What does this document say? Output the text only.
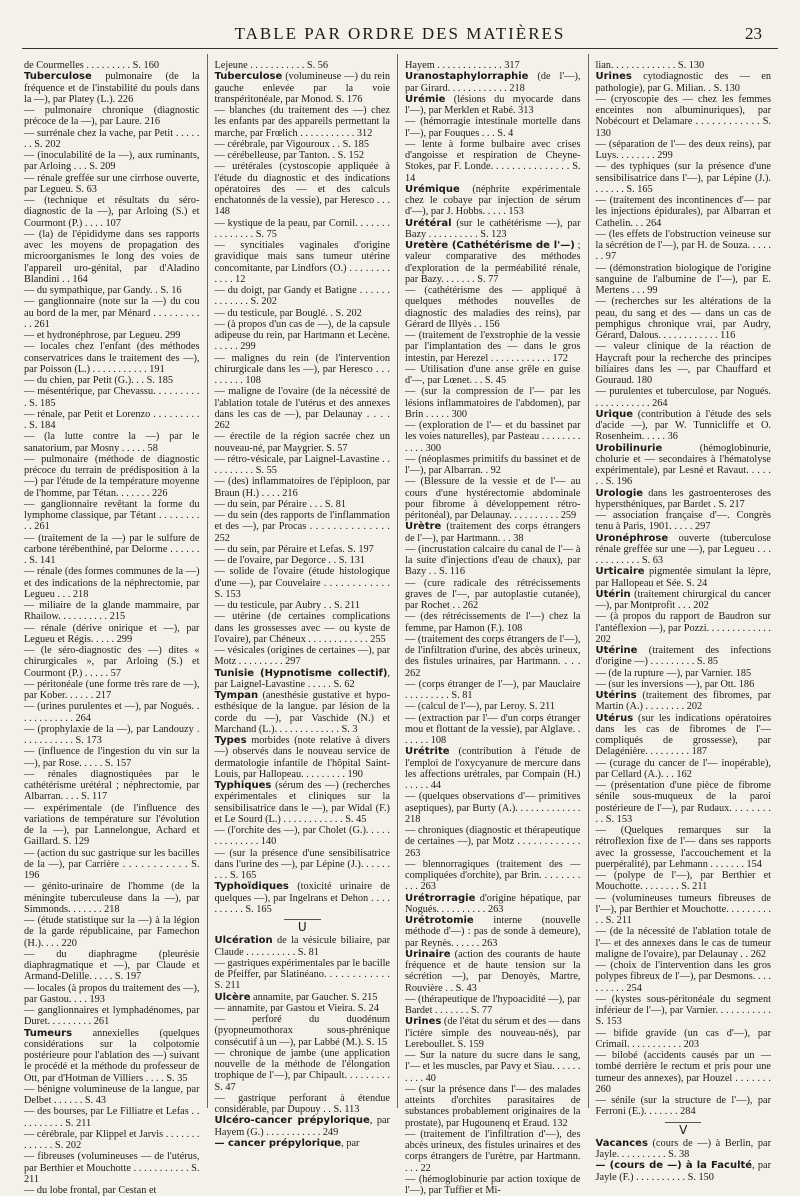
TABLE PAR ORDRE DES MATIÈRES	23
de Courmelles . . . . . . . . . S. 160
Tuberculose pulmonaire (de la fréquence et de l'instabilité du pouls dans la —), par Platey (L.). 226
— pulmonaire chronique (diagnostic précoce de la —), par Laure. 216
— surrénale chez la vache, par Petit . . . . . . . S. 202
— (inoculabilité de la —), aux ruminants, par Arloing . . . S. 209
— rénale greffée sur une cirrhose ouverte, par Legueu. S. 63
— (technique et résultats du séro-diagnostic de la —), par Arloing (S.) et Courmont (P.) . . . . 107
— (la) de l'épididyme dans ses rapports avec les moyens de propagation des microorganismes le long des voies de l'appareil uro-génital, par d'Aladino Blandini . . 164
— du sympathique, par Gandy. . S. 16
— ganglionnaire (note sur la —) du cou au bord de la mer, par Ménard . . . . . . . . . . . 261
— et hydronéphrose, par Legueu. 299
— locales chez l'enfant (des méthodes conservatrices dans le traitement des —), par Poisson (L.) . . . . . . . . . . . 191
— du chien, par Petit (G.). . . S. 185
— mésentérique, par Chevassu. . . . . . . . . . S. 185
— rénale, par Petit et Lorenzo . . . . . . . . . . S. 184
— (la lutte contre la —) par le sanatorium, par Mosny . . . . . 58
— pulmonaire (méthode de diagnostic précoce du terrain de prédisposition à la —) par l'étude de la température moyenne de l'homme, par Tétan. . . . . . . 226
— ganglionnaire revêtant la forme du lymphome classique, par Tétant . . . . . . . . . . 261
— (traitement de la —) par le sulfure de carbone térébenthiné, par Delorme . . . . . . . S. 141
— rénale (des formes communes de la —) et des indications de la néphrectomie, par Legueu . . . 218
— miliaire de la glande mammaire, par Rhailow. . . . . . . . . . 215
— rénale (dérive onirique et —), par Legueu et Régis. . . . . 299
— (le séro-diagnostic des —) dites « chirurgicales », par Arloing (S.) et Courmont (P.) . . . . . 57
— péritonéale (une forme très rare de —), par Kober. . . . . . 217
— (urines purulentes et —), par Nogués. . . . . . . . . . . . 264
— (prophylaxie de la —), par Landouzy . . . . . . . . . . . S. 173
— (influence de l'ingestion du vin sur la —), par Rose. . . . . S. 157
— rénales diagnostiquées par le cathétérisme urétéral ; néphrectomie, par Albarran. . . . S. 117
— expérimentale (de l'influence des variations de température sur l'évolution de la —), par Lannelongue, Achard et Gaillard. S. 129
— (action du suc gastrique sur les bacilles de la —), par Carrière . . . . . . . . . . . S. 196
— génito-urinaire de l'homme (de la méningite tuberculeuse dans la —), par Simmonds. . . . . . . 218
— (étude statistique sur la —) à la légion de la garde républicaine, par Famechon (H.). . . . 220
— du diaphragme (pleurésie diaphragmatique et —), par Claude et Armand-Delille. . . . . S. 197
— locales (à propos du traitement des —), par Gastou. . . . 193
— ganglionnaires et lymphadénomes, par Duret. . . . . . . . . 261
Tumeurs annexielles (quelques considérations sur la colpotomie postérieure pour l'ablation des —) suivant le procédé et la méthode du professeur de Ott, par d'Hotman de Villiers . . . . S. 35
— bénigne volumineuse de la langue, par Delbet . . . . . . S. 43
— des bourses, par Le Filliatre et Lefas . . . . . . . . . . S. 211
— cérébrale, par Klippel et Jarvis . . . . . . . . . . . . . S. 202
— fibreuses (volumineuses — de l'utérus, par Berthier et Mouchotte . . . . . . . . . . . S. 211
— du lobe frontal, par Cestan et
Lejeune . . . . . . . . . . . S. 56
Tuberculose (volumineuse —) du rein gauche enlevée par la voie transpéritonéale, par Monod. S. 176
— blanches (du traitement des —) chez les enfants par des appareils permettant la marche, par Frœlich . . . . . . . . . . . 312
— cérébrale, par Vigouroux . . S. 185
— cérébelleuse, par Tanton. . S. 152
— urétérales (cystoscopie appliquée à l'étude du diagnostic et des indications opératoires des — et des calculs enchatonnés de la vessie), par Heresco . . . 148
— kystique de la peau, par Cornil. . . . . . . . . . . . . . . S. 75
— syncitiales vaginales d'origine gravidique mais sans tumeur utérine concomitante, par Lindfors (O.) . . . . . . . . . . . . 12
— du doigt, par Gandy et Batigne . . . . . . . . . . . . . S. 202
— du testicule, par Bouglé. . S. 202
— (à propos d'un cas de —), de la capsule adipeuse du rein, par Hartmann et Lecène. . . . . . 299
— malignes du rein (de l'intervention chirurgicale dans les —), par Heresco . . . . . . . . . 108
— maligne de l'ovaire (de la nécessité de l'ablation totale de l'utérus et des annexes dans les cas de —), par Delaunay . . . . 262
— érectile de la région sacrée chez un nouveau-né, par Maygrier. S. 57
— rétro-vésicale, par Laignel-Lavastine . . . . . . . . . . S. 55
— (des) inflammatoires de l'épiploon, par Braun (H.) . . . . 216
— du sein, par Péraire . . . S. 81
— du sein (des rapports de l'inflammation et des —), par Procas . . . . . . . . . . . . . . 252
— du sein, par Péraire et Lefas. S. 197
— de l'ovaire, par Degorce . . S. 131
— solide de l'ovaire (étude histologique d'une —), par Couvelaire . . . . . . . . . . . . S. 153
— du testicule, par Aubry . . S. 211
— utérine (de certaines complications dans les grossesses avec — ou kyste de l'ovaire), par Chéneux . . . . . . . . . . . . 255
— vésicales (origines de certaines —), par Motz . . . . . . . . . 297
Tunisie (Hypnotisme collectif), par Laignel-Lavastine . . . . . S. 62
Tympan (anesthésie gustative et hypo-esthésique de la langue. par lésion de la corde du —), par Vaschide (N.) et Marchand (L.). . . . . . . . . . . . . S. 3
Types morbides (note relative à divers —) observés dans le nouveau service de dermatologie infantile de l'hôpital Saint-Louis, par Hallopeau. . . . . . . . . 190
Typhiques (sérum des —) (recherches expérimentales et cliniques sur la sensibilisatrice dans le —), par Widal (F.) et Le Sourd (L.) . . . . . . . . . . . . S. 45
— (l'orchite des —), par Cholet (G.). . . . . . . . . . . . . . 140
— (sur la présence d'une sensibilisatrice dans l'urine des —), par Lépine (J.). . . . . . . . . S. 165
Typhoïdiques (toxicité urinaire de quelques —), par Ingelrans et Dehon . . . . . . . . . . S. 165
U
Ulcération de la vésicule biliaire, par Claude . . . . . . . . . . S. 81
— gastriques expérimentales par le bacille de Pfeiffer, par Slatinéano. . . . . . . . . . . . S. 211
Ulcère annamite, par Gaucher. S. 215
— annamite, par Gastou et Vieira. S. 24
— perforé du duodénum (pyopneumothorax sous-phrénique consécutif à un —), par Labbé (M.). S. 15
— chronique de jambe (une application nouvelle de la méthode de l'élongation trophique de l'—), par Chipault. . . . . . . . . S. 47
— gastrique perforant à étendue considérable, par Dupouy . . S. 113
Ulcéro-cancer prépylorique, par Hayem (G.) . . . . . . . . . . . 249
— cancer prépylorique, par
Hayem . . . . . . . . . . . . . 317
Uranostaphylorraphie (de l'—), par Girard. . . . . . . . . . . . 218
Urémie (lésions du myocarde dans l'—), par Merklen et Rabé. 313
— (hémorragie intestinale mortelle dans l'—), par Fouques . . . S. 4
— lente à forme bulbaire avec crises d'angoisse et respiration de Cheyne-Stokes, par F. Londe. . . . . . . . . . . . . . . S. 14
Urémique (néphrite expérimentale chez le cobaye par injection de sérum d'—), par J. Hobbs. . . . . 153
Urétéral (sur le cathétérisme —), par Bazy . . . . . . . . . . S. 123
Uretère (Cathétérisme de l'—) ; valeur comparative des méthodes d'exploration de la perméabilité rénale, par Bazy. . . . . . . S. 77
— (cathétérisme des — appliqué à quelques méthodes nouvelles de diagnostic des maladies des reins), par Gérard de Illyès . . 156
— (traitement de l'exstrophie de la vessie par l'implantation des — dans le gros intestin, par Herezel . . . . . . . . . . . . 172
— Utilisation d'une anse grêle en guise d'—, par Lœnet. . . S. 45
— (sur la compression de l'— par les lésions inflammatoires de l'abdomen), par Brin . . . . . 300
— (exploration de l'— et du bassinet par les voies naturelles), par Pasteau . . . . . . . . . . . . 300
— (néoplasmes primitifs du bassinet et de l'—), par Albarran. . 92
— (Blessure de la vessie et de l'— au cours d'une hystérectomie abdominale pour fibrome à développement rétro-péritonéal), par Delaunay. . . . . . . . . . 259
Urètre (traitement des corps étrangers de l'—), par Hartmann. . . 38
— (incrustation calcaire du canal de l'— à la suite d'injections d'eau de chaux), par Bazy . . S. 116
— (cure radicale des rétrécissements graves de l'—, par autoplastie cutanée), par Rochet . . 262
— (des rétrécissements de l'—) chez la femme, par Hamon (F.). 108
— (traitement des corps étrangers de l'—), de l'infiltration d'urine, des abcès urineux, des fistules urinaires, par Hartmann. . . . 262
— (corps étranger de l'—), par Mauclaire . . . . . . . . . S. 81
— (calcul de l'—), par Leroy. S. 211
— (extraction par l'— d'un corps étranger mou et flottant de la vessie), par Alglave. . . . . . . 108
Urétrite (contribution à l'étude de l'emploi de l'oxycyanure de mercure dans les affections urétrales, par Compain (H.) . . . . . 44
— (quelques observations d'— primitives aseptiques), par Burty (A.). . . . . . . . . . . . . 218
— chroniques (diagnostic et thérapeutique de certaines —), par Motz . . . . . . . . . . . . 263
— blennorragiques (traitement des — compliquées d'orchite), par Brin. . . . . . . . . . . 263
Urétrorragie d'origine hépatique, par Nogués. . . . . . . . . . 263
Urétrotomie interne (nouvelle méthode d'—) : pas de sonde à demeure), par Reynès. . . . . . 263
Urinaire (action des courants de haute fréquence et de haute tension sur la sécrétion —), par Denoyès, Martre, Rouvière . . S. 43
— (thérapeutique de l'hypoacidité —), par Bardet . . . . . . . S. 77
Urines (de l'état du sérum et des — dans l'ictère simple des nouveau-nés), par Lereboullet. S. 159
— Sur la nature du sucre dans le sang, l'— et les muscles, par Pavy et Siau. . . . . . . . . . 40
— (sur la présence dans l'— des malades atteints d'orchites parasitaires de substances probablement originaires de la prostate), par Hugounenq et Eraud. 132
— (traitement de l'infiltration d'—), des abcès urineux, des fistules urinaires et des corps étrangers de l'urètre, par Hartmann. . . . 22
— (hémoglobinurie par action toxique de l'—), par Tuffier et Mi-
lian. . . . . . . . . . . . . S. 130
Urines cytodiagnostic des — en pathologie), par G. Milian. . S. 130
— (cryoscopie des — chez les femmes enceintes non albuminuriques), par Nobécourt et Delamare . . . . . . . . . . . . S. 130
— (séparation de l'— des deux reins), par Luys. . . . . . . . 299
— des typhiques (sur la présence d'une sensibilisatrice dans l'—), par Lépine (J.). . . . . . . S. 165
— (traitement des incontinences d'— par les injections épidurales), par Albarran et Cathelin. . . 264
— (les effets de l'obstruction veineuse sur la sécrétion de l'—), par H. de Souza. . . . . . . 97
— (démonstration biologique de l'origine sanguine de l'albumine de l'—), par E. Mertens . . . 99
— (recherches sur les altérations de la peau, du sang et des — dans un cas de pemphigus chronique vrai, par Audry, Gérard, Dalous. . . . . . . . . . . . 116
— valeur clinique de la réaction de Haycraft pour la recherche des principes biliaires dans les —, par Chauffard et Gouraud. 180
— purulentes et tuberculose, par Nogués. . . . . . . . . . . . 264
Urique (contribution à l'étude des sels d'acide —), par W. Tunnicliffe et O. Rosenheim. . . . . 36
Urobilinurie (hémoglobinurie, cholurie et — secondaires à l'hématolyse expérimentale), par Lesné et Ravaut. . . . . . . S. 196
Urologie dans les gastroenteroses des hypersthéniques, par Bardet . S. 217
— association française d'—. Congrès tenu à Paris, 1901. . . . . 297
Uronéphrose ouverte (tuberculose rénale greffée sur une —), par Legueu . . . . . . . . . . . . S. 63
Urticaire pigmentée simulant la lèpre, par Hallopeau et Sée. S. 24
Utérin (traitement chirurgical du cancer —), par Montprofit . . . 202
— (à propos du rapport de Baudron sur l'antéflexion —), par Pozzi. . . . . . . . . . . . . 202
Utérine (traitement des infections d'origine —) . . . . . . . . . S. 85
— (de la rupture —), par Varnier. 185
— (sur les inversions —), par Ott. 186
Utérins (traitement des fibromes, par Martin (A.) . . . . . . . . 202
Utérus (sur les indications opératoires dans les cas de fibromes de l'— compliqués de grossesse), par Delagénière. . . . . . . . . 187
— (curage du cancer de l'— inopérable), par Cellard (A.). . . 162
— (présentation d'une pièce de fibrome sénile sous-muqueux de la paroi postérieure de l'—), par Rudaux. . . . . . . . . . S. 153
— (Quelques remarques sur la rétroflexion fixe de l'— dans ses rapports avec la grossesse, l'accouchement et la puerpéralité), par Lehmann . . . . . . . 154
— (polype de l'—), par Berthier et Mouchotte. . . . . . . . S. 211
— (volumineuses tumeurs fibreuses de l'—), par Berthier et Mouchotte. . . . . . . . . . . S. 211
— (de la nécessité de l'ablation totale de l'— et des annexes dans le cas de tumeur maligne de l'ovaire), par Delaunay . . 262
— (choix de l'intervention dans les gros polypes fibreux de l'—), par Desmons. . . . . . . . . . 254
— (kystes sous-péritonéale du segment inférieur de l'—), par Varnier. . . . . . . . . . . S. 153
— bifide gravide (un cas d'—), par Crimail. . . . . . . . . . . 203
— bilobé (accidents causés par un — tombé derrière le rectum et pris pour une tumeur des annexes), par Houzel . . . . . . . 260
— sénile (sur la structure de l'—), par Ferroni (E.). . . . . . . 284
V
Vacances (cours de —) à Berlin, par Jayle. . . . . . . . . . S. 38
— (cours de —) à la Faculté, par Jayle (F.) . . . . . . . . . . S. 150
